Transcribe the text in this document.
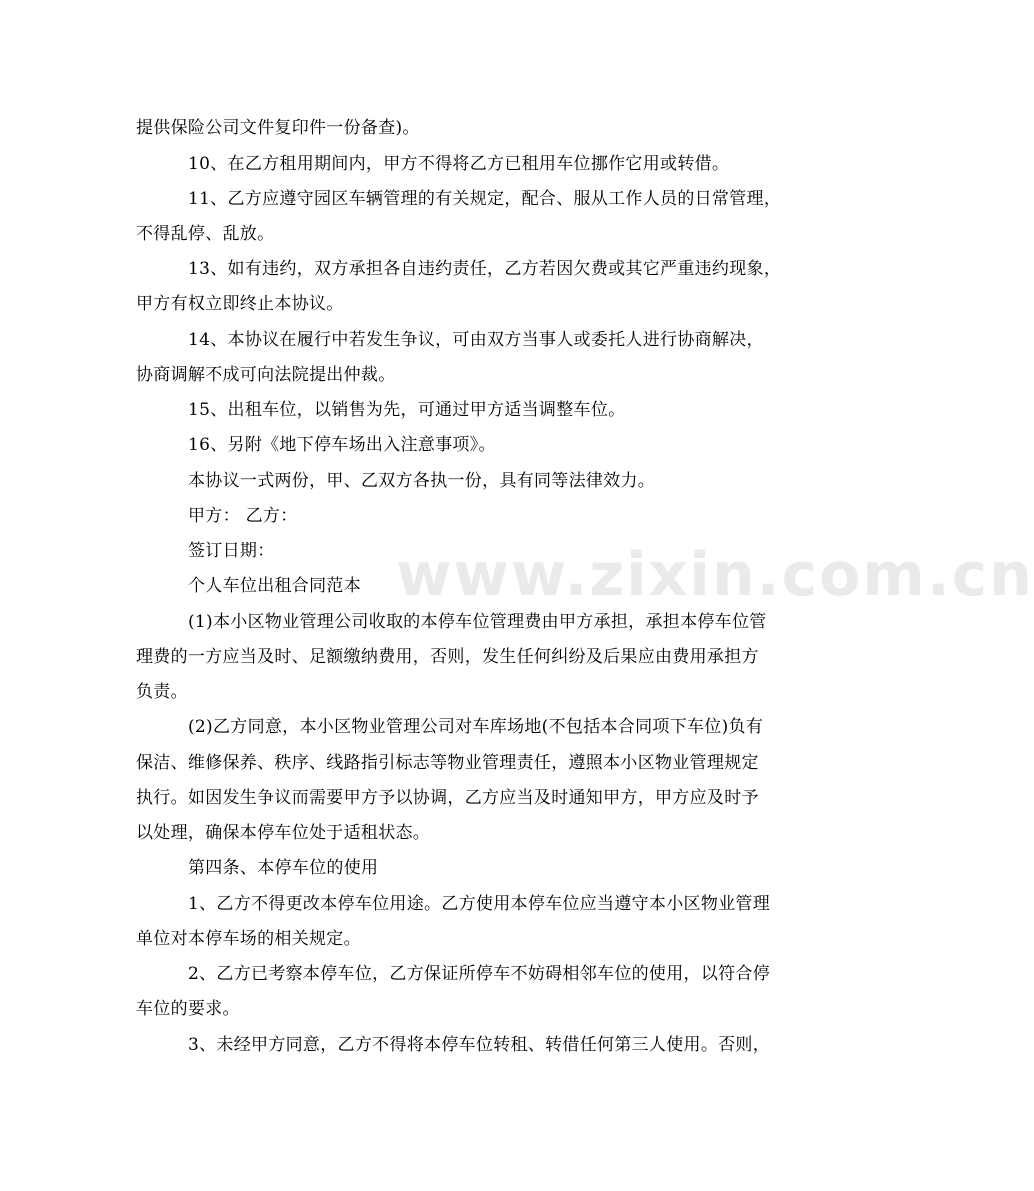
www.zixin.com.cn
提供保险公司文件复印件一份备查)。
10、在乙方租用期间内，甲方不得将乙方已租用车位挪作它用或转借。
11、乙方应遵守园区车辆管理的有关规定，配合、服从工作人员的日常管理，
不得乱停、乱放。
13、如有违约，双方承担各自违约责任，乙方若因欠费或其它严重违约现象，
甲方有权立即终止本协议。
14、本协议在履行中若发生争议，可由双方当事人或委托人进行协商解决，
协商调解不成可向法院提出仲裁。
15、出租车位，以销售为先，可通过甲方适当调整车位。
16、另附《地下停车场出入注意事项》。
本协议一式两份，甲、乙双方各执一份，具有同等法律效力。
甲方： 乙方：
签订日期：
个人车位出租合同范本
(1)本小区物业管理公司收取的本停车位管理费由甲方承担，承担本停车位管
理费的一方应当及时、足额缴纳费用，否则，发生任何纠纷及后果应由费用承担方
负责。
(2)乙方同意，本小区物业管理公司对车库场地(不包括本合同项下车位)负有
保洁、维修保养、秩序、线路指引标志等物业管理责任，遵照本小区物业管理规定
执行。如因发生争议而需要甲方予以协调，乙方应当及时通知甲方，甲方应及时予
以处理，确保本停车位处于适租状态。
第四条、本停车位的使用
1、乙方不得更改本停车位用途。乙方使用本停车位应当遵守本小区物业管理
单位对本停车场的相关规定。
2、乙方已考察本停车位，乙方保证所停车不妨碍相邻车位的使用，以符合停
车位的要求。
3、未经甲方同意，乙方不得将本停车位转租、转借任何第三人使用。否则，
